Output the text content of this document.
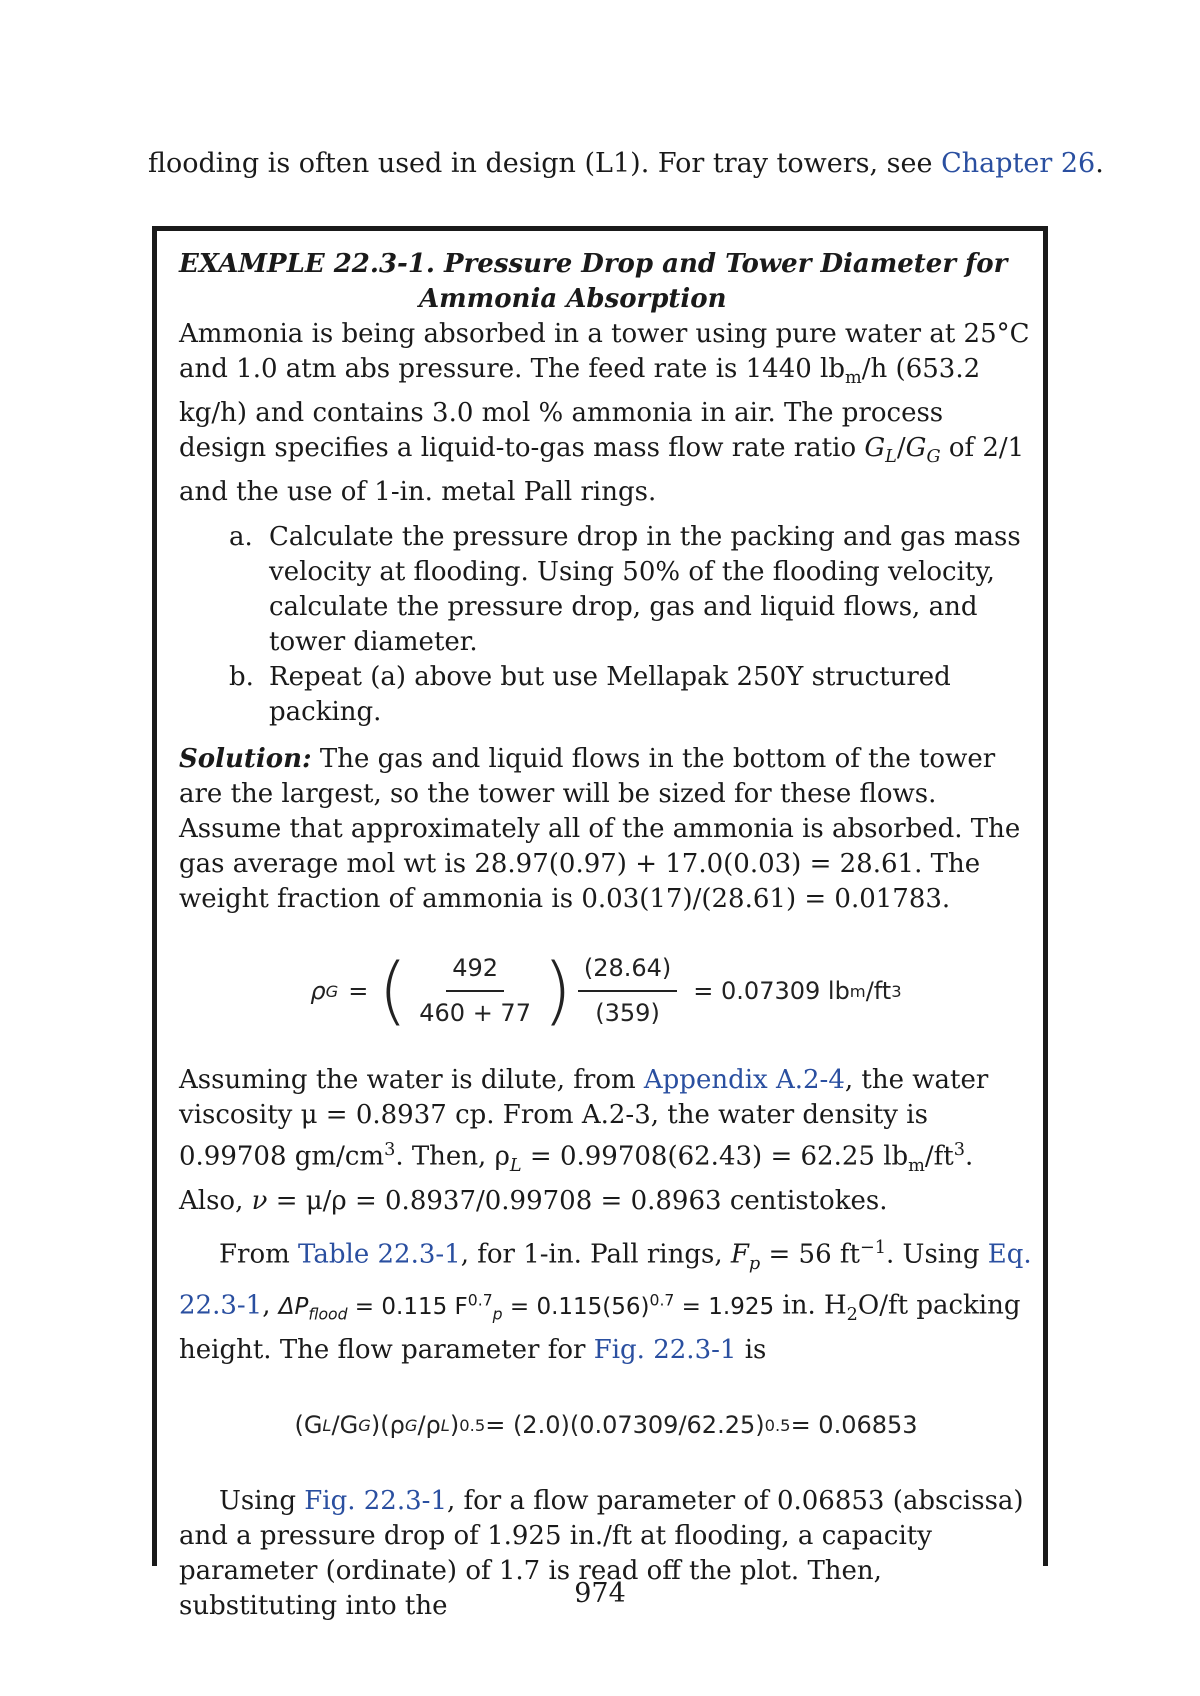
flooding is often used in design (L1). For tray towers, see Chapter 26.
EXAMPLE 22.3-1. Pressure Drop and Tower Diameter for
Ammonia Absorption

Ammonia is being absorbed in a tower using pure water at 25°C and 1.0 atm abs pressure. The feed rate is 1440 $lb_m/h$ (653.2 kg/h) and contains 3.0 mol % ammonia in air. The process design specifies a liquid-to-gas mass flow rate ratio $G_L/G_G$ of 2/1 and the use of 1-in. metal Pall rings.

a. Calculate the pressure drop in the packing and gas mass velocity at flooding. Using 50% of the flooding velocity, calculate the pressure drop, gas and liquid flows, and tower diameter.
b. Repeat (a) above but use Mellapak 250Y structured packing.

Solution: The gas and liquid flows in the bottom of the tower are the largest, so the tower will be sized for these flows. Assume that approximately all of the ammonia is absorbed. The gas average mol wt is 28.97(0.97) + 17.0(0.03) = 28.61. The weight fraction of ammonia is 0.03(17)/(28.61) = 0.01783.

ρ G = ( $\frac{492}{460 + 77}$ ) $\frac{(28.64)}{(359)} = 0.07309$ lb m /ft 3

Assuming the water is dilute, from Appendix A.2-4, the water viscosity μ = 0.8937 cp. From A.2-3, the water density is 0.99708 $gm/cm^3$. Then, $\rho_L = 0.99708(62.43) = 62.25$ $lb_m/ft^3$. Also, ν = μ/ρ = 0.8937/0.99708 = 0.8963 centistokes.

From Table 22.3-1, for 1-in. Pall rings, $F_p = 56$ $ft^{-1}$. Using Eq. 22.3-1, $\Delta P_{flood} = 0.115$ $F^{0.7}_p = 0.115(56)^{0.7} = 1.925$ in. $H_2O/ft$ packing height. The flow parameter for Fig. 22.3-1 is

(G L /G G )(ρ G /ρ L ) 0.5 = (2.0)(0.07309/62.25) 0.5 = 0.06853

Using Fig. 22.3-1, for a flow parameter of 0.06853 (abscissa) and a pressure drop of 1.925 in./ft at flooding, a capacity parameter (ordinate) of 1.7 is read off the plot. Then, substituting into the	974
